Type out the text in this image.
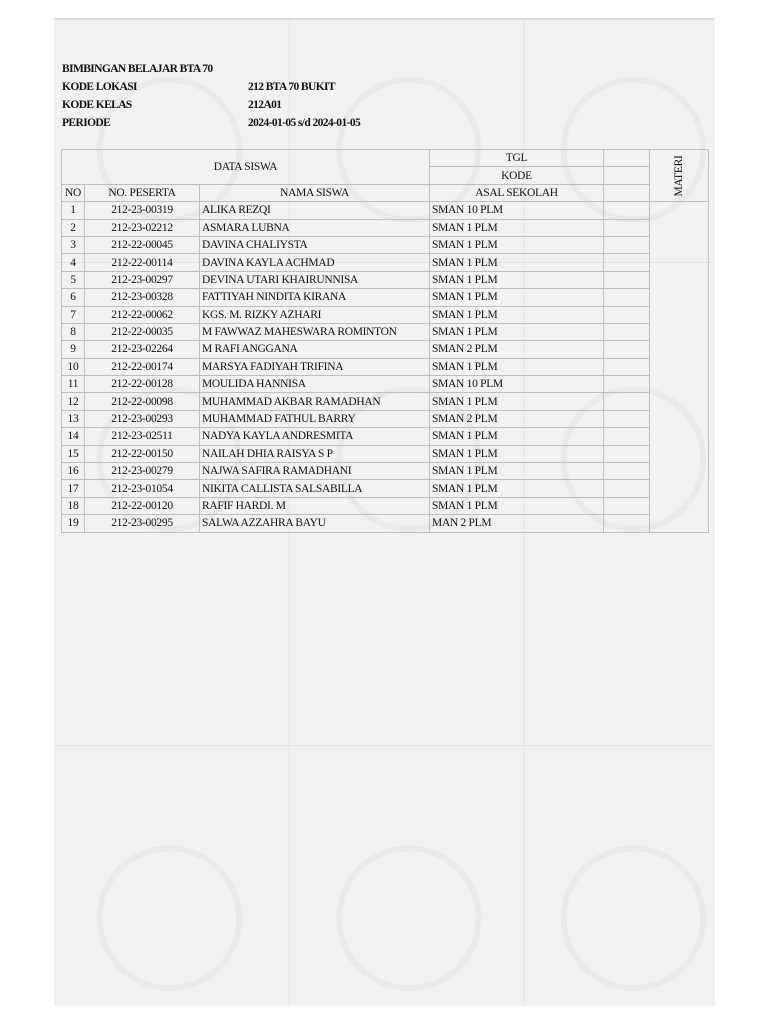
BIMBINGAN BELAJAR BTA 70
KODE LOKASI	212 BTA 70 BUKIT
KODE KELAS	212A01
PERIODE	2024-01-05 s/d 2024-01-05
DATA SISWA			TGL		MATERI

			KODE		
NO	NO. PESERTA	NAMA SISWA	ASAL SEKOLAH		
1	212-23-00319	ALIKA REZQI	SMAN 10 PLM		
2	212-23-02212	ASMARA LUBNA	SMAN 1 PLM		
3	212-22-00045	DAVINA CHALIYSTA	SMAN 1 PLM		
4	212-22-00114	DAVINA KAYLA ACHMAD	SMAN 1 PLM		
5	212-23-00297	DEVINA UTARI KHAIRUNNISA	SMAN 1 PLM		
6	212-23-00328	FATTIYAH NINDITA KIRANA	SMAN 1 PLM		
7	212-22-00062	KGS. M. RIZKY AZHARI	SMAN 1 PLM		
8	212-22-00035	M FAWWAZ MAHESWARA ROMINTON	SMAN 1 PLM		
9	212-23-02264	M RAFI ANGGANA	SMAN 2 PLM		
10	212-22-00174	MARSYA FADIYAH TRIFINA	SMAN 1 PLM		
11	212-22-00128	MOULIDA HANNISA	SMAN 10 PLM		
12	212-22-00098	MUHAMMAD AKBAR RAMADHAN	SMAN 1 PLM		
13	212-23-00293	MUHAMMAD FATHUL BARRY	SMAN 2 PLM		
14	212-23-02511	NADYA KAYLA ANDRESMITA	SMAN 1 PLM		
15	212-22-00150	NAILAH DHIA RAISYA S P	SMAN 1 PLM		
16	212-23-00279	NAJWA SAFIRA RAMADHANI	SMAN 1 PLM		
17	212-23-01054	NIKITA CALLISTA SALSABILLA	SMAN 1 PLM		
18	212-22-00120	RAFIF HARDI. M	SMAN 1 PLM		
19	212-23-00295	SALWA AZZAHRA BAYU	MAN 2 PLM		
